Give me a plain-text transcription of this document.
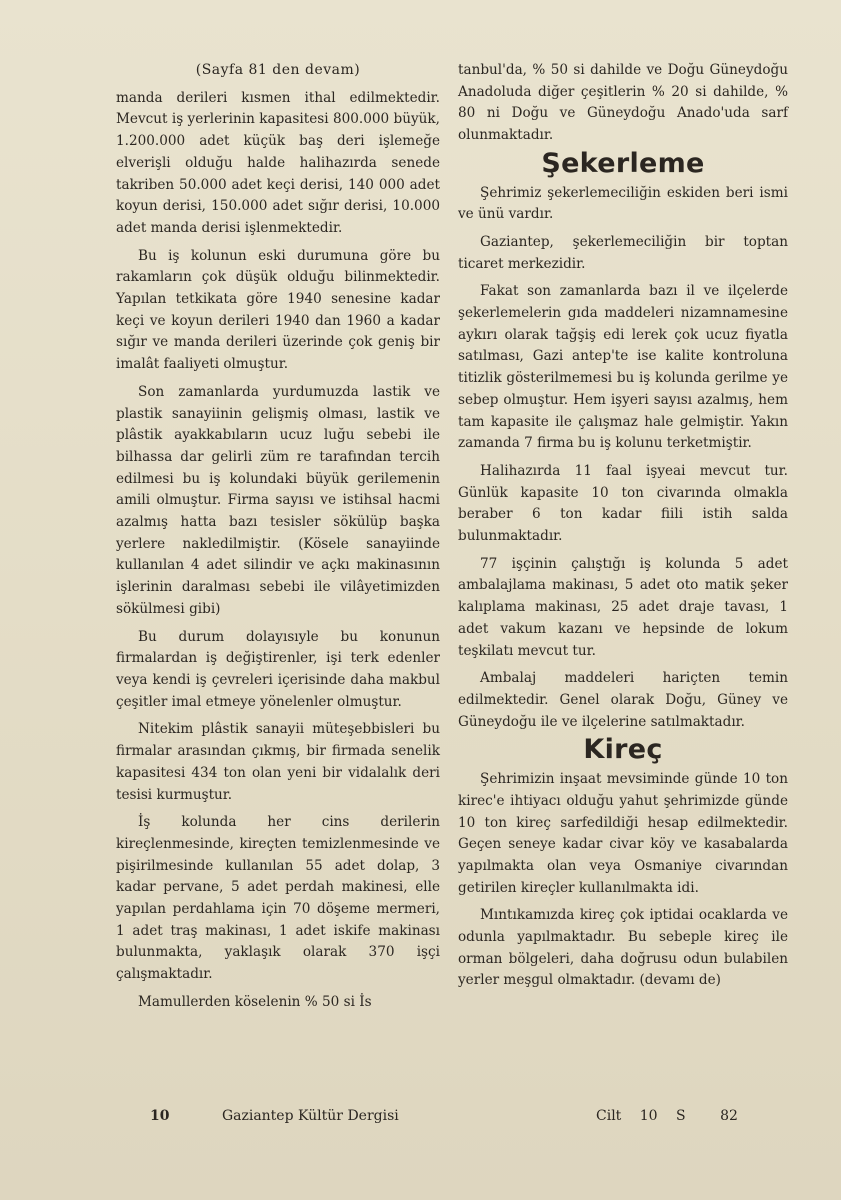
(Sayfa 81 den devam)

manda derileri kısmen ithal edilmektedir. Mevcut iş yerlerinin kapasitesi 800.000 büyük, 1.200.000 adet küçük baş deri işlemeğe elverişli olduğu halde halihazırda senede takriben 50.000 adet keçi derisi, 140 000 adet koyun derisi, 150.000 adet sığır derisi, 10.000 adet manda derisi işlenmektedir.

Bu iş kolunun eski durumuna göre bu rakamların çok düşük olduğu bilinmektedir. Yapılan tetkikata göre 1940 senesine kadar keçi ve koyun derileri 1940 dan 1960 a kadar sığır ve manda derileri üzerinde çok geniş bir imalât faaliyeti olmuştur.

Son zamanlarda yurdumuzda lastik ve plastik sanayiinin gelişmiş olması, lastik ve plâstik ayakkabıların ucuz luğu sebebi ile bilhassa dar gelirli züm re tarafından tercih edilmesi bu iş kolundaki büyük gerilemenin amili olmuştur. Firma sayısı ve istihsal hacmi azalmış hatta bazı tesisler sökülüp başka yerlere nakledilmiştir. (Kösele sanayiinde kullanılan 4 adet silindir ve açkı makinasının işlerinin daralması sebebi ile vilâyetimizden sökülmesi gibi)

Bu durum dolayısıyle bu konunun firmalardan iş değiştirenler, işi terk edenler veya kendi iş çevreleri içerisinde daha makbul çeşitler imal etmeye yönelenler olmuştur.

Nitekim plâstik sanayii müteşebbisleri bu firmalar arasından çıkmış, bir firmada senelik kapasitesi 434 ton olan yeni bir vidalalık deri tesisi kurmuştur.

İş kolunda her cins derilerin kireçlenmesinde, kireçten temizlenmesinde ve pişirilmesinde kullanılan 55 adet dolap, 3 kadar pervane, 5 adet perdah makinesi, elle yapılan perdahlama için 70 döşeme mermeri, 1 adet traş makinası, 1 adet iskife makinası bulunmakta, yaklaşık olarak 370 işçi çalışmaktadır.

Mamullerden köselenin % 50 si İs

tanbul'da, % 50 si dahilde ve Doğu Güneydoğu Anadoluda diğer çeşitlerin % 20 si dahilde, % 80 ni Doğu ve Güneydoğu Anado'uda sarf olunmaktadır.

Şekerleme

Şehrimiz şekerlemeciliğin eskiden beri ismi ve ünü vardır.

Gaziantep, şekerlemeciliğin bir toptan ticaret merkezidir.

Fakat son zamanlarda bazı il ve ilçelerde şekerlemelerin gıda maddeleri nizamnamesine aykırı olarak tağşiş edi lerek çok ucuz fiyatla satılması, Gazi antep'te ise kalite kontroluna titizlik gösterilmemesi bu iş kolunda gerilme ye sebep olmuştur. Hem işyeri sayısı azalmış, hem tam kapasite ile çalışmaz hale gelmiştir. Yakın zamanda 7 firma bu iş kolunu terketmiştir.

Halihazırda 11 faal işyeai mevcut tur. Günlük kapasite 10 ton civarında olmakla beraber 6 ton kadar fiili istih salda bulunmaktadır.

77 işçinin çalıştığı iş kolunda 5 adet ambalajlama makinası, 5 adet oto matik şeker kalıplama makinası, 25 adet draje tavası, 1 adet vakum kazanı ve hepsinde de lokum teşkilatı mevcut tur.

Ambalaj maddeleri hariçten temin edilmektedir. Genel olarak Doğu, Güney ve Güneydoğu ile ve ilçelerine satılmaktadır.

Kireç

Şehrimizin inşaat mevsiminde günde 10 ton kirec'e ihtiyacı olduğu yahut şehrimizde günde 10 ton kireç sarfedildiği hesap edilmektedir. Geçen seneye kadar civar köy ve kasabalarda yapılmakta olan veya Osmaniye civarından getirilen kireçler kullanılmakta idi.

Mıntıkamızda kireç çok iptidai ocaklarda ve odunla yapılmaktadır. Bu sebeple kireç ile orman bölgeleri, daha doğrusu odun bulabilen yerler meşgul olmaktadır. (devamı de)

10	Gaziantep Kültür Dergisi	Cilt 10 S 82
